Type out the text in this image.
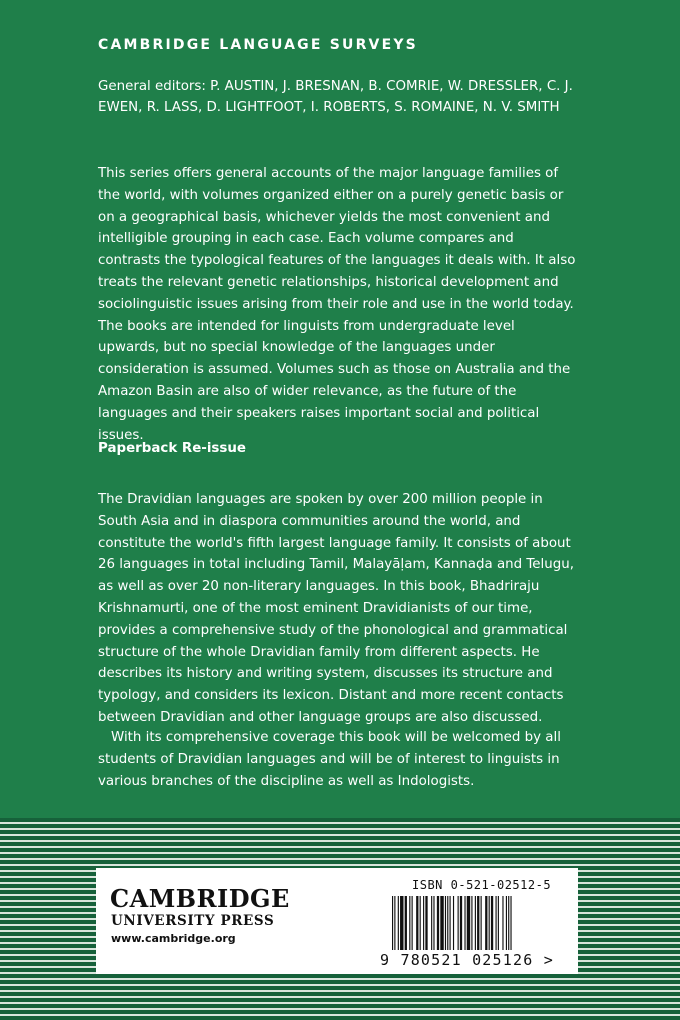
CAMBRIDGE LANGUAGE SURVEYS

General editors: P. AUSTIN, J. BRESNAN, B. COMRIE, W. DRESSLER, C. J. EWEN, R. LASS, D. LIGHTFOOT, I. ROBERTS, S. ROMAINE, N. V. SMITH

This series offers general accounts of the major language families of the world, with volumes organized either on a purely genetic basis or on a geographical basis, whichever yields the most convenient and intelligible grouping in each case. Each volume compares and contrasts the typological features of the languages it deals with. It also treats the relevant genetic relationships, historical development and sociolinguistic issues arising from their role and use in the world today. The books are intended for linguists from undergraduate level upwards, but no special knowledge of the languages under consideration is assumed. Volumes such as those on Australia and the Amazon Basin are also of wider relevance, as the future of the languages and their speakers raises important social and political issues.

Paperback Re-issue

The Dravidian languages are spoken by over 200 million people in South Asia and in diaspora communities around the world, and constitute the world's fifth largest language family. It consists of about 26 languages in total including Tamil, Malayāḷam, Kannaḍa and Telugu, as well as over 20 non-literary languages. In this book, Bhadriraju Krishnamurti, one of the most eminent Dravidianists of our time, provides a comprehensive study of the phonological and grammatical structure of the whole Dravidian family from different aspects. He describes its history and writing system, discusses its structure and typology, and considers its lexicon. Distant and more recent contacts between Dravidian and other language groups are also discussed.

With its comprehensive coverage this book will be welcomed by all students of Dravidian languages and will be of interest to linguists in various branches of the discipline as well as Indologists.

CAMBRIDGE
UNIVERSITY PRESS
www.cambridge.org
ISBN 0-521-02512-5
9 780521 025126 >
